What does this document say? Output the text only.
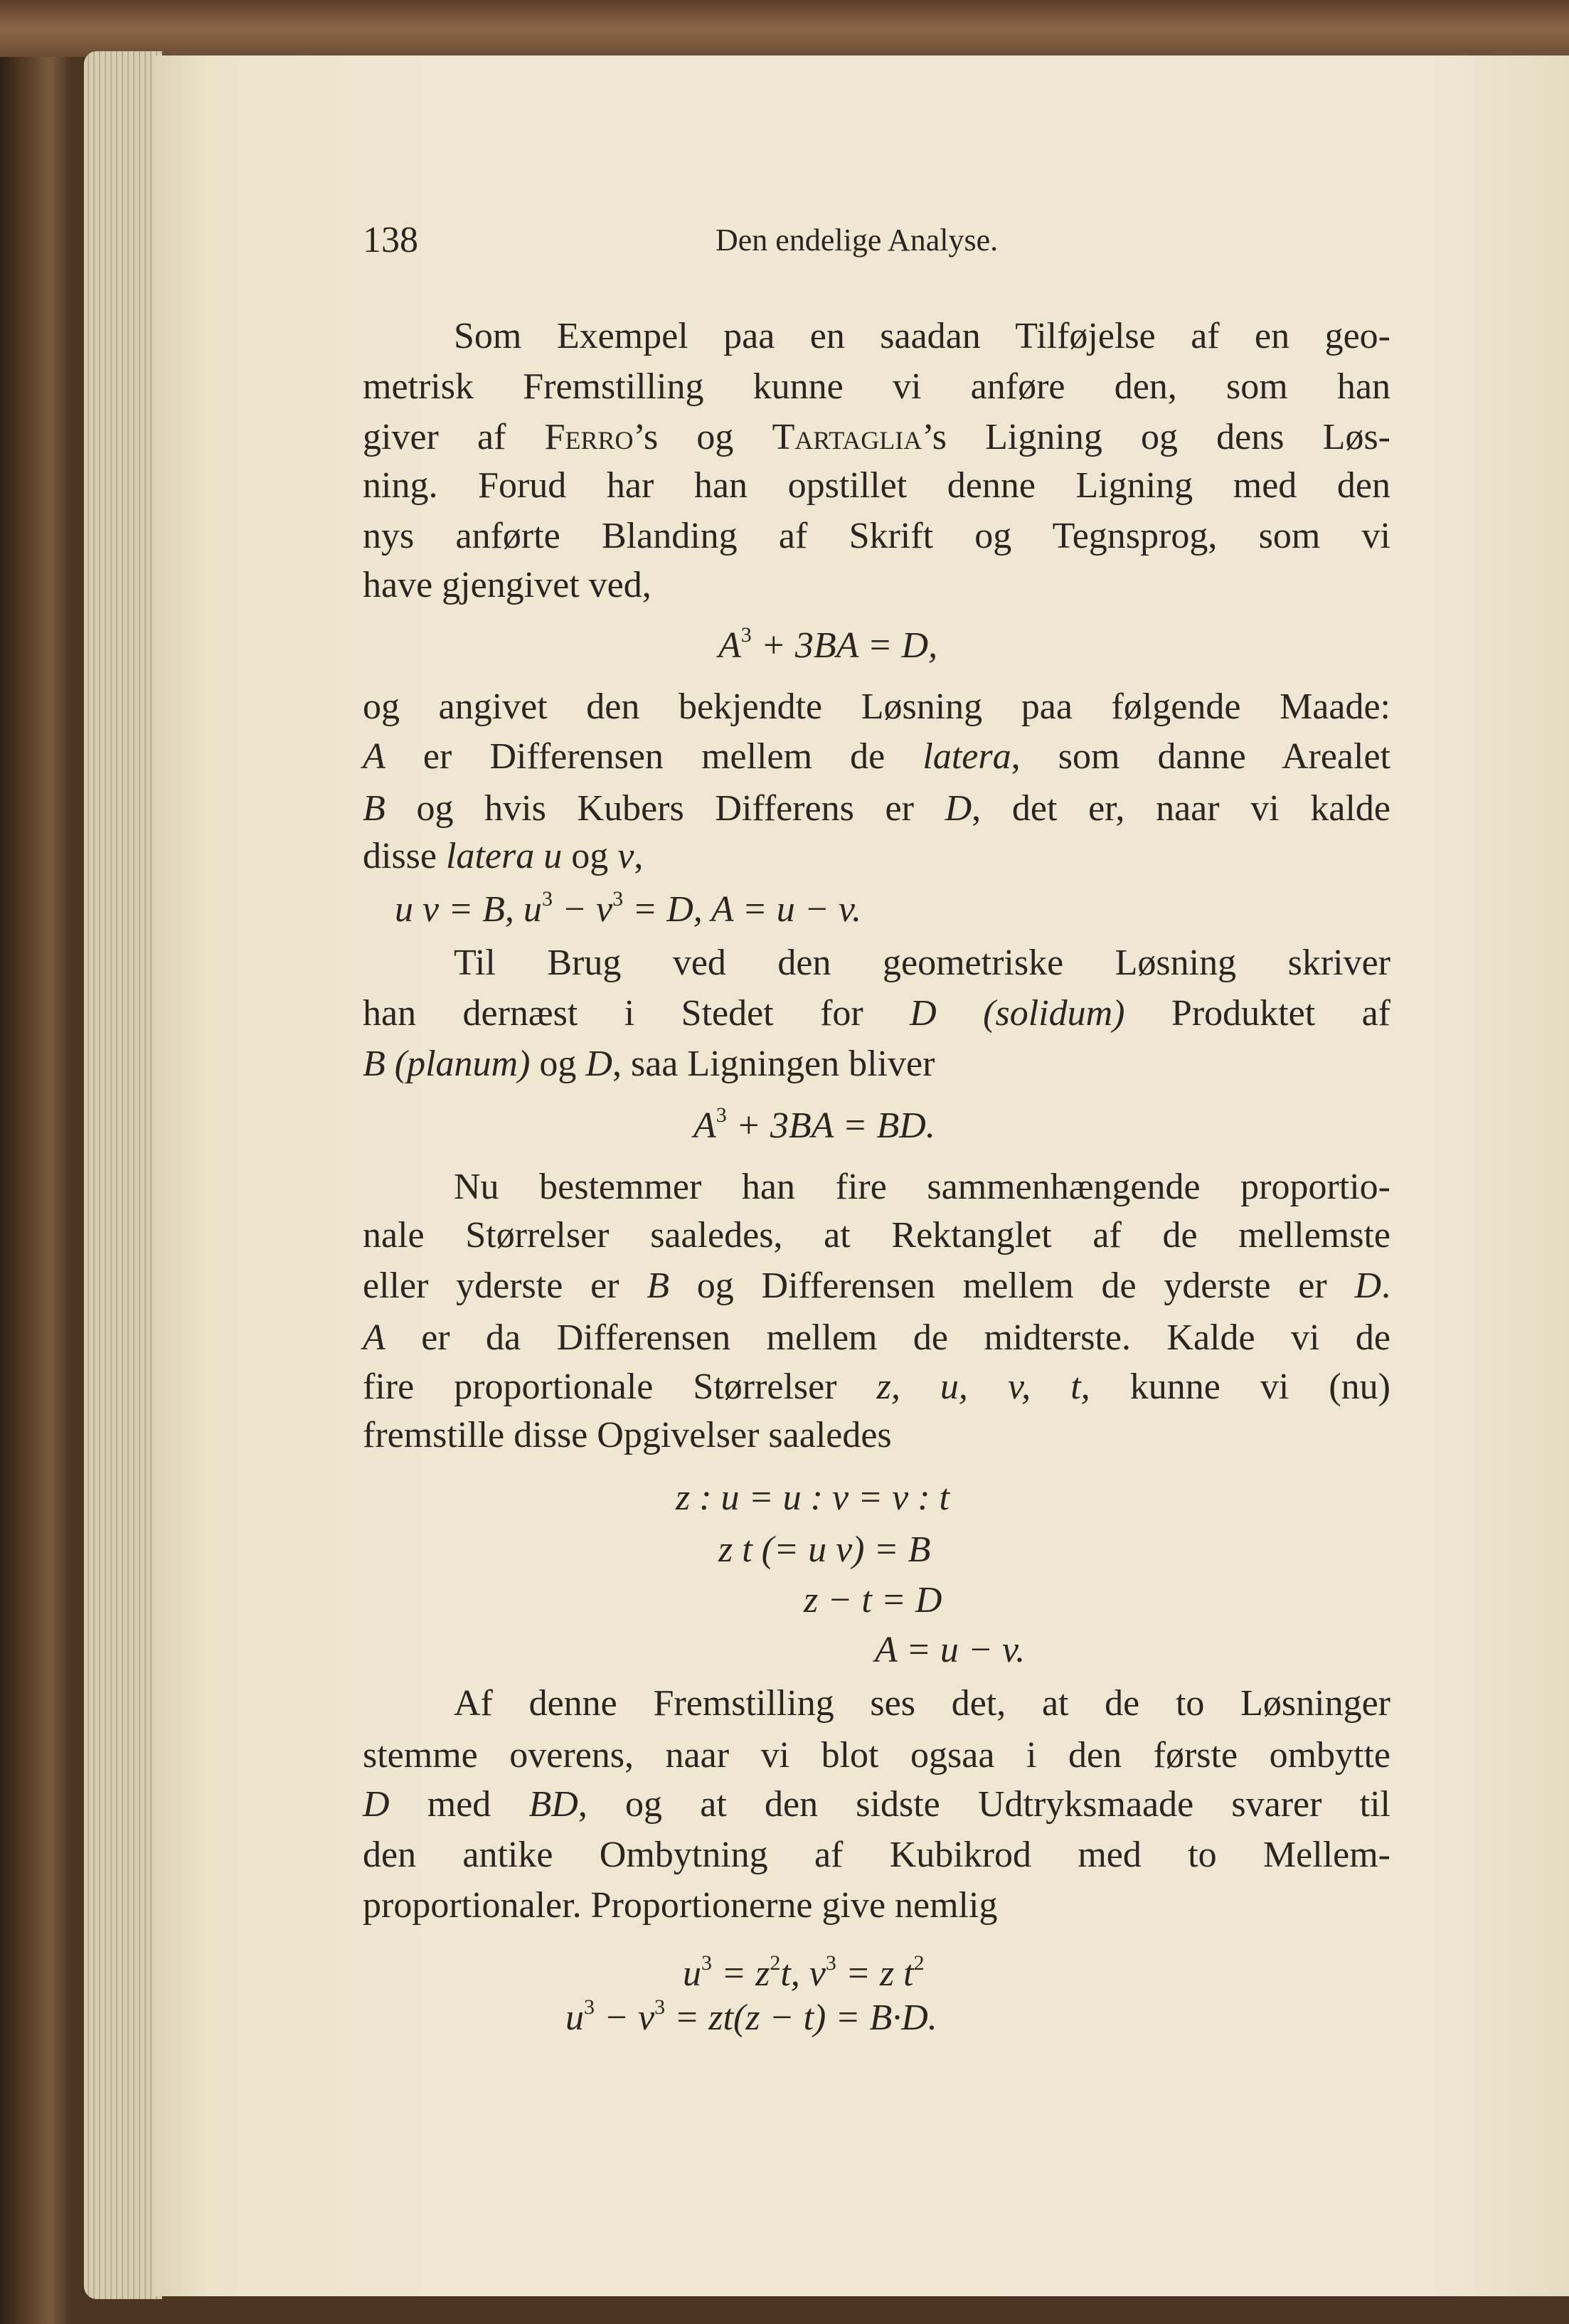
138	Den endelige Analyse.
Som Exempel paa en saadan Tilføjelse af en geo-
metrisk Fremstilling kunne vi anføre den, som han
giver af Ferro’s og Tartaglia’s Ligning og dens Løs-
ning. Forud har han opstillet denne Ligning med den
nys anførte Blanding af Skrift og Tegnsprog, som vi
have gjengivet ved,
$A^3 + 3BA = D$,
og angivet den bekjendte Løsning paa følgende Maade:
A er Differensen mellem de latera, som danne Arealet
B og hvis Kubers Differens er D, det er, naar vi kalde
disse latera u og v,
u v = B, $u^3 - v^3 = D$, A = u − v.
Til Brug ved den geometriske Løsning skriver
han dernæst i Stedet for D (solidum) Produktet af
B (planum) og D, saa Ligningen bliver
$A^3 + 3BA$ = BD.
Nu bestemmer han fire sammenhængende proportio-
nale Størrelser saaledes, at Rektanglet af de mellemste
eller yderste er B og Differensen mellem de yderste er D.
A er da Differensen mellem de midterste. Kalde vi de
fire proportionale Størrelser z, u, v, t, kunne vi (nu)
fremstille disse Opgivelser saaledes
z : u = u : v = v : t
z t (= u v) = B
z − t = D
A = u − v.
Af denne Fremstilling ses det, at de to Løsninger
stemme overens, naar vi blot ogsaa i den første ombytte
D med BD, og at den sidste Udtryksmaade svarer til
den antike Ombytning af Kubikrod med to Mellem-
proportionaler. Proportionerne give nemlig
$u^3 = z^2t$, $v^3 = z$ $t^2$
$u^3 - v^3 = zt(z - t) = B\cdot D$.
